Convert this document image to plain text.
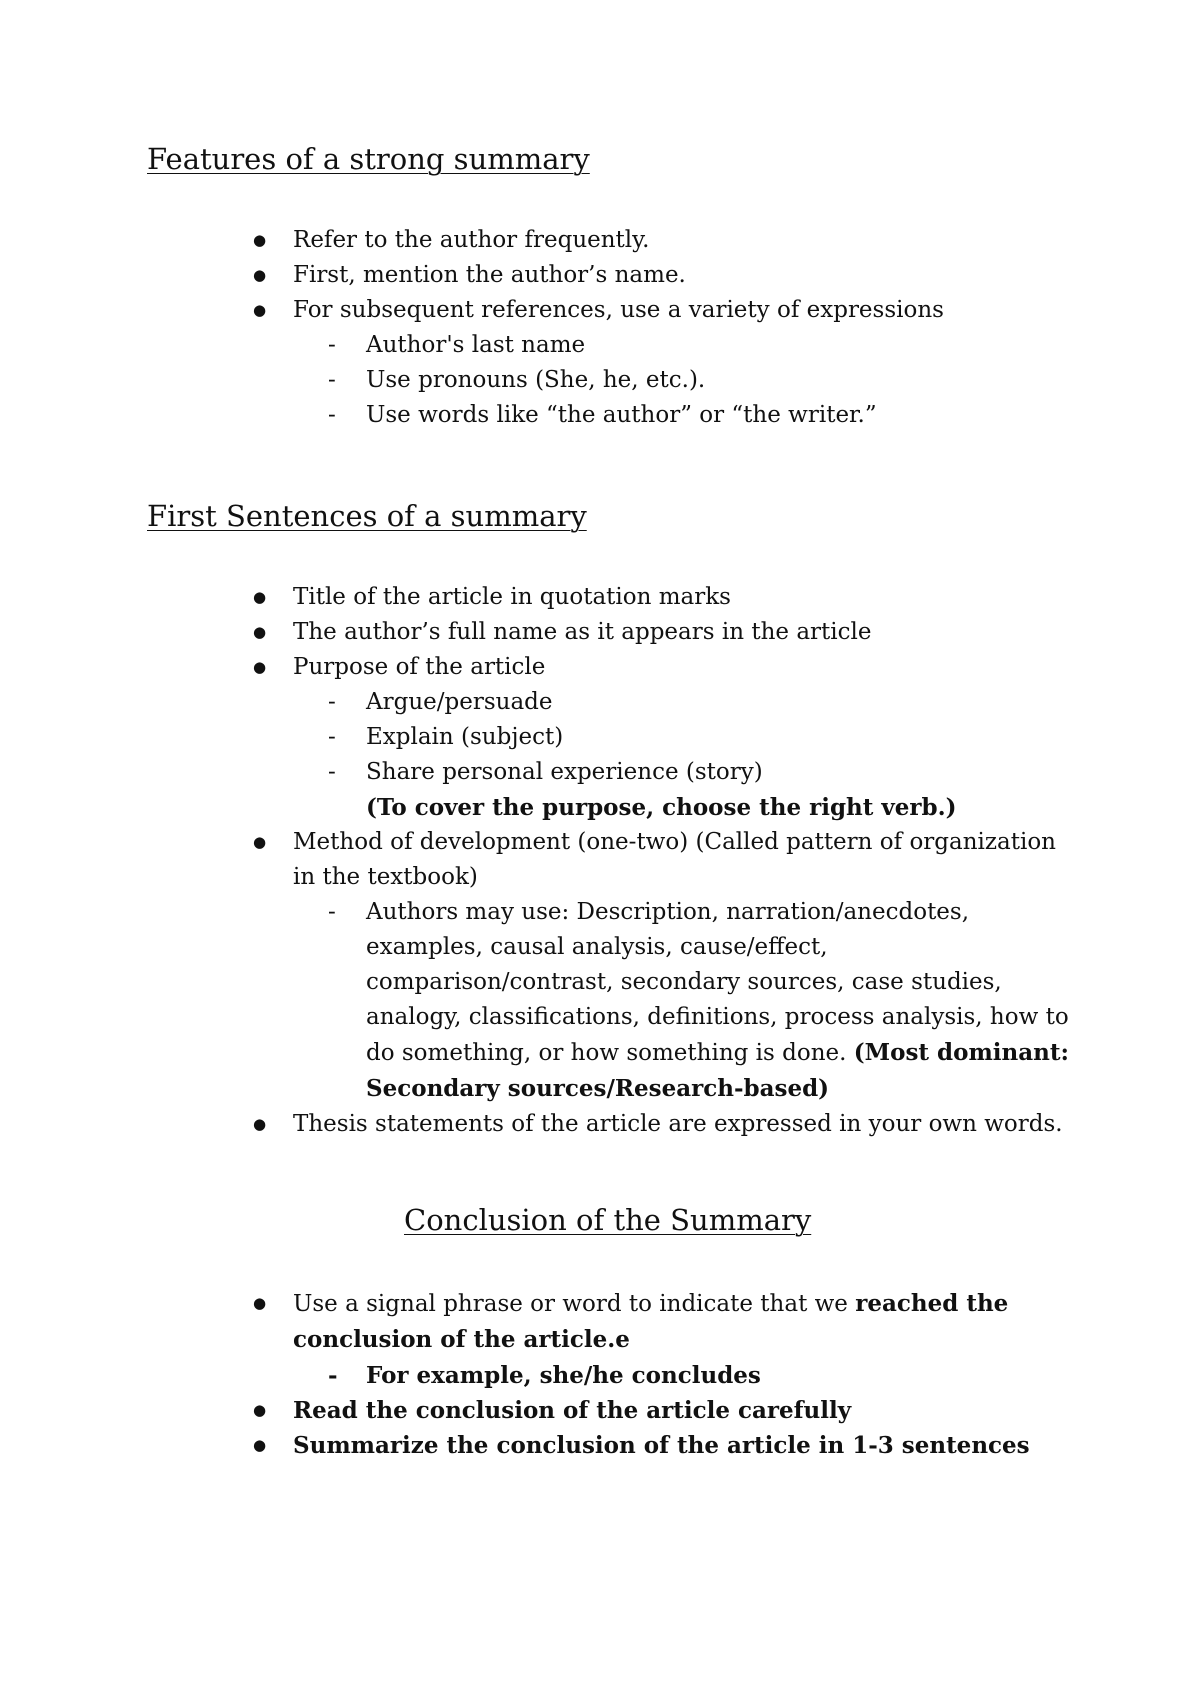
Features of a strong summary
● Refer to the author frequently.
● First, mention the author’s name.
● For subsequent references, use a variety of expressions
- Author's last name
- Use pronouns (She, he, etc.).
- Use words like “the author” or “the writer.”
First Sentences of a summary
● Title of the article in quotation marks
● The author’s full name as it appears in the article
● Purpose of the article
- Argue/persuade
- Explain (subject)
- Share personal experience (story)
(To cover the purpose, choose the right verb.)
● Method of development (one-two) (Called pattern of organization in the textbook)
- Authors may use: Description, narration/anecdotes, examples, causal analysis, cause/effect, comparison/contrast, secondary sources, case studies, analogy, classifications, definitions, process analysis, how to do something, or how something is done. (Most dominant: Secondary sources/Research-based)
● Thesis statements of the article are expressed in your own words.
Conclusion of the Summary
● Use a signal phrase or word to indicate that we reached the conclusion of the article.e
- For example, she/he concludes
● Read the conclusion of the article carefully
● Summarize the conclusion of the article in 1-3 sentences
